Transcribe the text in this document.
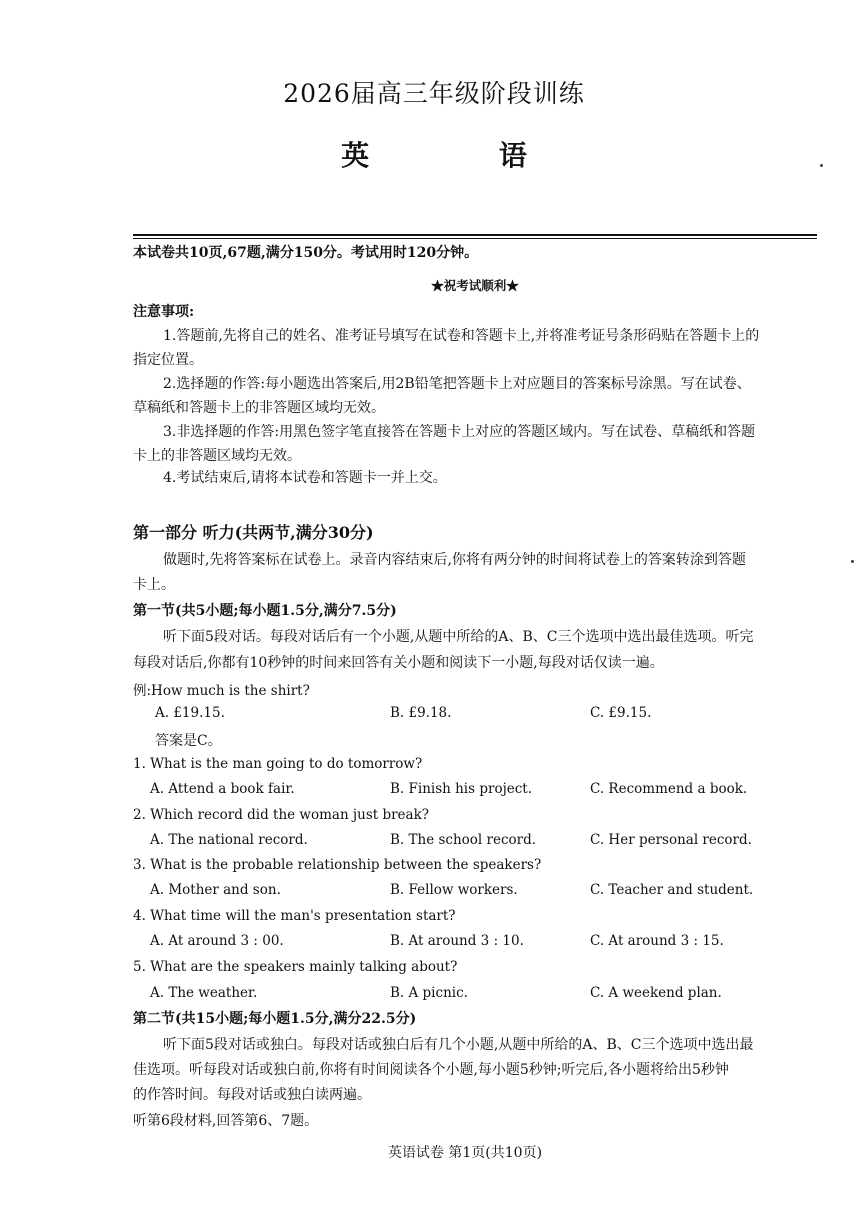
2026届高三年级阶段训练
英 语
本试卷共10页,67题,满分150分。考试用时120分钟。
★祝考试顺利★
注意事项:
1.答题前,先将自己的姓名、准考证号填写在试卷和答题卡上,并将准考证号条形码贴在答题卡上的
指定位置。
2.选择题的作答:每小题选出答案后,用2B铅笔把答题卡上对应题目的答案标号涂黑。写在试卷、
草稿纸和答题卡上的非答题区域均无效。
3.非选择题的作答:用黑色签字笔直接答在答题卡上对应的答题区域内。写在试卷、草稿纸和答题
卡上的非答题区域均无效。
4.考试结束后,请将本试卷和答题卡一并上交。
第一部分 听力(共两节,满分30分)
做题时,先将答案标在试卷上。录音内容结束后,你将有两分钟的时间将试卷上的答案转涂到答题
卡上。
第一节(共5小题;每小题1.5分,满分7.5分)
听下面5段对话。每段对话后有一个小题,从题中所给的A、B、C三个选项中选出最佳选项。听完
每段对话后,你都有10秒钟的时间来回答有关小题和阅读下一小题,每段对话仅读一遍。
例:How much is the shirt?
A. £19.15.	B. £9.18.	C. £9.15.
答案是C。
1. What is the man going to do tomorrow?
A. Attend a book fair.	B. Finish his project.	C. Recommend a book.
2. Which record did the woman just break?
A. The national record.	B. The school record.	C. Her personal record.
3. What is the probable relationship between the speakers?
A. Mother and son.	B. Fellow workers.	C. Teacher and student.
4. What time will the man's presentation start?
A. At around 3 : 00.	B. At around 3 : 10.	C. At around 3 : 15.
5. What are the speakers mainly talking about?
A. The weather.	B. A picnic.	C. A weekend plan.
第二节(共15小题;每小题1.5分,满分22.5分)
听下面5段对话或独白。每段对话或独白后有几个小题,从题中所给的A、B、C三个选项中选出最
佳选项。听每段对话或独白前,你将有时间阅读各个小题,每小题5秒钟;听完后,各小题将给出5秒钟
的作答时间。每段对话或独白读两遍。
听第6段材料,回答第6、7题。
英语试卷 第1页(共10页)
